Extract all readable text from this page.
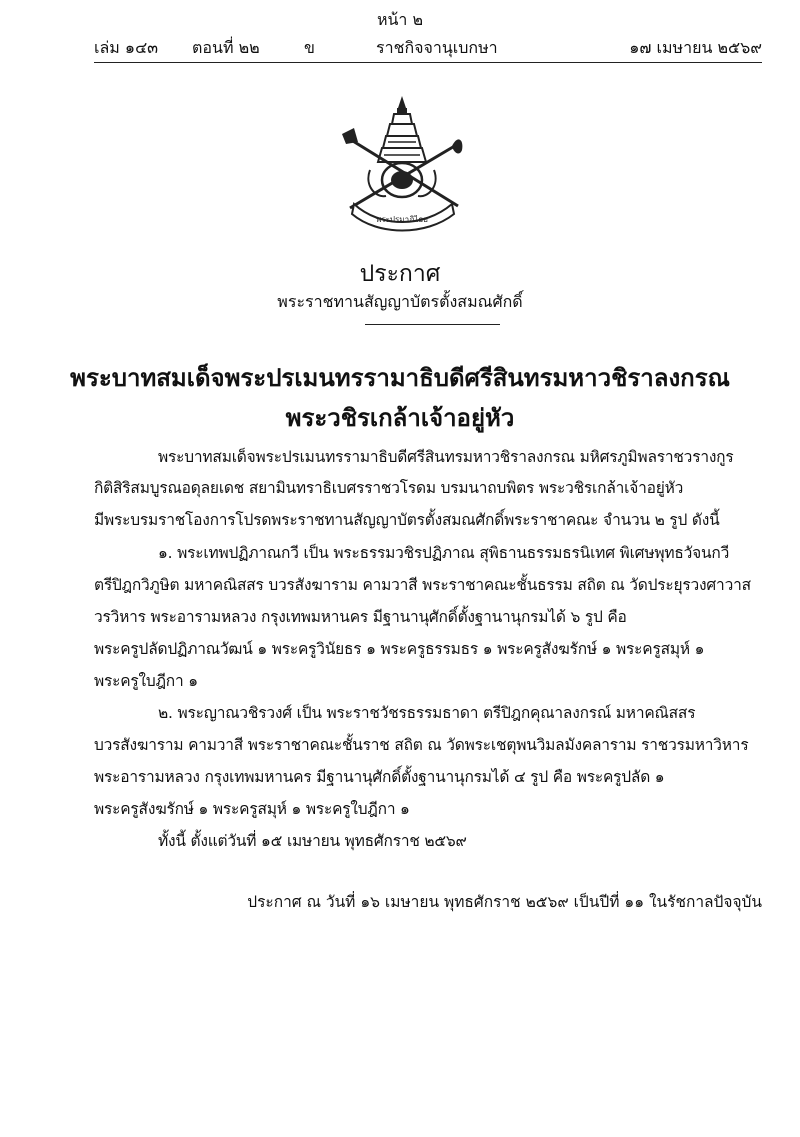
หน้า ๒
เล่ม ๑๔๓ ตอนที่ ๒๒	ข	ราชกิจจานุเบกษา	๑๗ เมษายน ๒๕๖๙
พระปรมาภิไธย
ประกาศ
พระราชทานสัญญาบัตรตั้งสมณศักดิ์
พระบาทสมเด็จพระปรเมนทรรามาธิบดีศรีสินทรมหาวชิราลงกรณ
พระวชิรเกล้าเจ้าอยู่หัว
พระบาทสมเด็จพระปรเมนทรรามาธิบดีศรีสินทรมหาวชิราลงกรณ มหิศรภูมิพลราชวรางกูร
กิติสิริสมบูรณอดุลยเดช สยามินทราธิเบศรราชวโรดม บรมนาถบพิตร พระวชิรเกล้าเจ้าอยู่หัว
มีพระบรมราชโองการโปรดพระราชทานสัญญาบัตรตั้งสมณศักดิ์พระราชาคณะ จำนวน ๒ รูป ดังนี้
๑. พระเทพปฏิภาณกวี เป็น พระธรรมวชิรปฏิภาณ สุพิธานธรรมธรนิเทศ พิเศษพุทธวัจนกวี
ตรีปิฎกวิภูษิต มหาคณิสสร บวรสังฆาราม คามวาสี พระราชาคณะชั้นธรรม สถิต ณ วัดประยุรวงศาวาส
วรวิหาร พระอารามหลวง กรุงเทพมหานคร มีฐานานุศักดิ์ตั้งฐานานุกรมได้ ๖ รูป คือ
พระครูปลัดปฏิภาณวัฒน์ ๑ พระครูวินัยธร ๑ พระครูธรรมธร ๑ พระครูสังฆรักษ์ ๑ พระครูสมุห์ ๑
พระครูใบฎีกา ๑
๒. พระญาณวชิรวงศ์ เป็น พระราชวัชรธรรมธาดา ตรีปิฎกคุณาลงกรณ์ มหาคณิสสร
บวรสังฆาราม คามวาสี พระราชาคณะชั้นราช สถิต ณ วัดพระเชตุพนวิมลมังคลาราม ราชวรมหาวิหาร
พระอารามหลวง กรุงเทพมหานคร มีฐานานุศักดิ์ตั้งฐานานุกรมได้ ๔ รูป คือ พระครูปลัด ๑
พระครูสังฆรักษ์ ๑ พระครูสมุห์ ๑ พระครูใบฎีกา ๑
ทั้งนี้ ตั้งแต่วันที่ ๑๕ เมษายน พุทธศักราช ๒๕๖๙
ประกาศ ณ วันที่ ๑๖ เมษายน พุทธศักราช ๒๕๖๙ เป็นปีที่ ๑๑ ในรัชกาลปัจจุบัน
